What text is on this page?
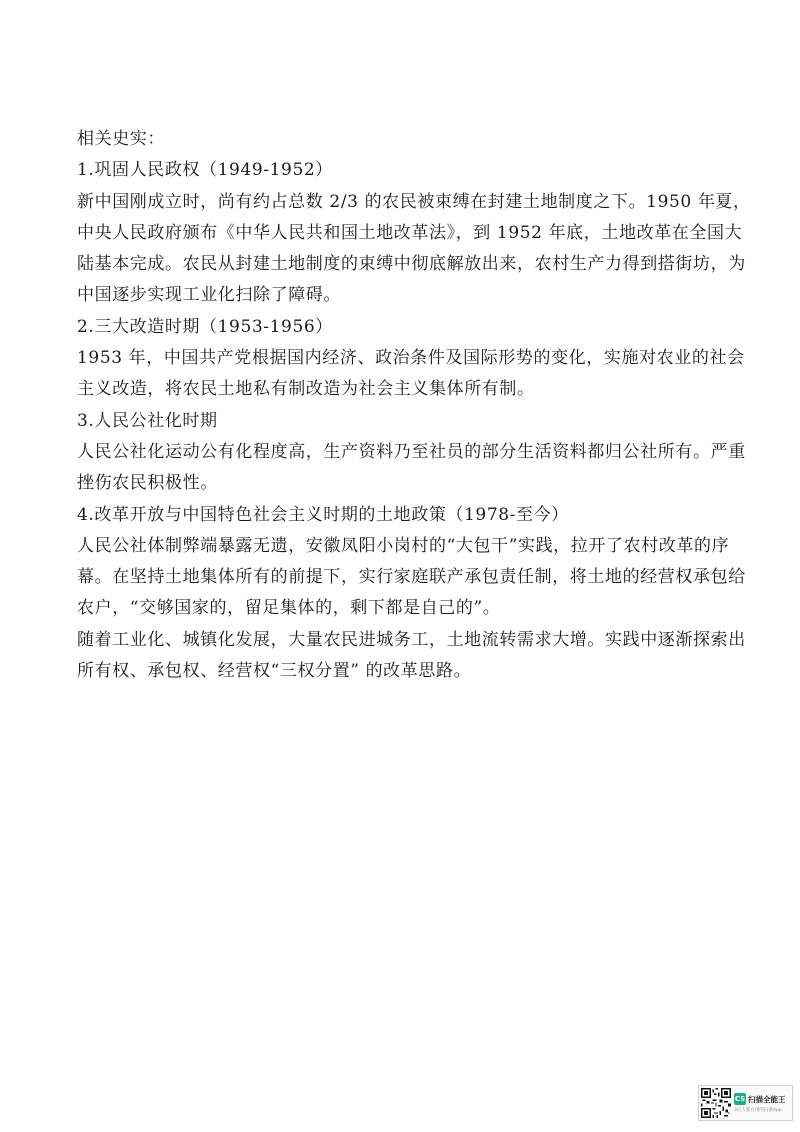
相关史实：
1.巩固人民政权（1949-1952）
新中国刚成立时，尚有约占总数 2/3 的农民被束缚在封建土地制度之下。1950 年夏，
中央人民政府颁布《中华人民共和国土地改革法》，到 1952 年底，土地改革在全国大
陆基本完成。农民从封建土地制度的束缚中彻底解放出来，农村生产力得到搭街坊，为
中国逐步实现工业化扫除了障碍。
2.三大改造时期（1953-1956）
1953 年，中国共产党根据国内经济、政治条件及国际形势的变化，实施对农业的社会
主义改造，将农民土地私有制改造为社会主义集体所有制。
3.人民公社化时期
人民公社化运动公有化程度高，生产资料乃至社员的部分生活资料都归公社所有。严重
挫伤农民积极性。
4.改革开放与中国特色社会主义时期的土地政策（1978-至今）
人民公社体制弊端暴露无遗，安徽凤阳小岗村的“大包干”实践，拉开了农村改革的序
幕。在坚持土地集体所有的前提下，实行家庭联产承包责任制，将土地的经营权承包给
农户，“交够国家的，留足集体的，剩下都是自己的”。
随着工业化、城镇化发展，大量农民进城务工，土地流转需求大增。实践中逐渐探索出
所有权、承包权、经营权“三权分置” 的改革思路。
CS 扫描全能王
3亿人都在用的扫描App
